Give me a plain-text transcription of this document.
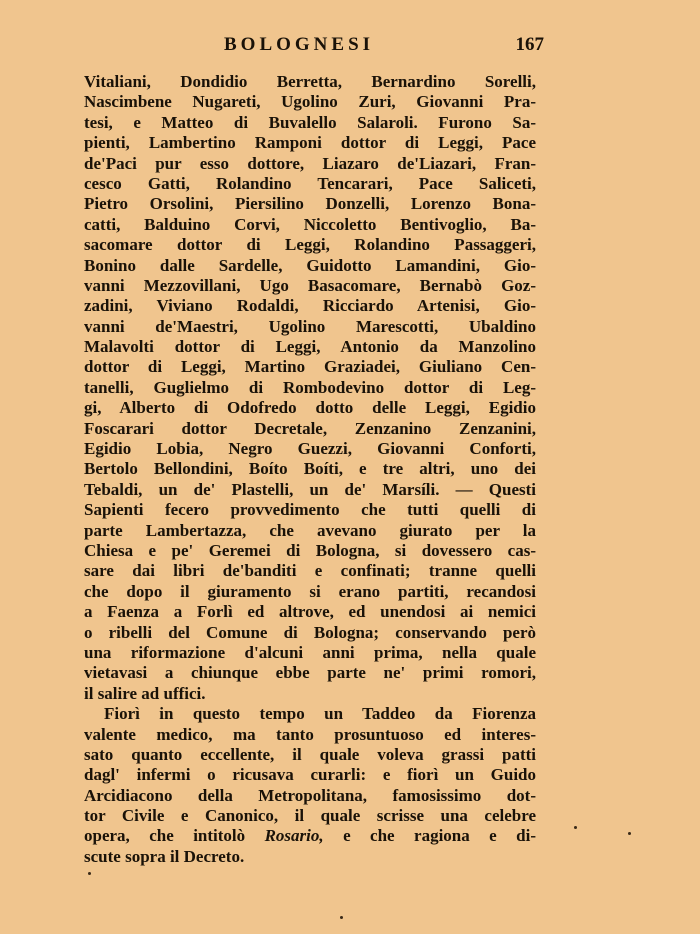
BOLOGNESI	167
Vitaliani, Dondidio Berretta, Bernardino Sorelli,
Nascimbene Nugareti, Ugolino Zuri, Giovanni Pra-
tesi, e Matteo di Buvalello Salaroli. Furono Sa-
pienti, Lambertino Ramponi dottor di Leggi, Pace
de'Paci pur esso dottore, Liazaro de'Liazari, Fran-
cesco Gatti, Rolandino Tencarari, Pace Saliceti,
Pietro Orsolini, Piersilino Donzelli, Lorenzo Bona-
catti, Balduino Corvi, Niccoletto Bentivoglio, Ba-
sacomare dottor di Leggi, Rolandino Passaggeri,
Bonino dalle Sardelle, Guidotto Lamandini, Gio-
vanni Mezzovillani, Ugo Basacomare, Bernabò Goz-
zadini, Viviano Rodaldi, Ricciardo Artenisi, Gio-
vanni de'Maestri, Ugolino Marescotti, Ubaldino
Malavolti dottor di Leggi, Antonio da Manzolino
dottor di Leggi, Martino Graziadei, Giuliano Cen-
tanelli, Guglielmo di Rombodevino dottor di Leg-
gi, Alberto di Odofredo dotto delle Leggi, Egidio
Foscarari dottor Decretale, Zenzanino Zenzanini,
Egidio Lobia, Negro Guezzi, Giovanni Conforti,
Bertolo Bellondini, Boíto Boíti, e tre altri, uno dei
Tebaldi, un de' Plastelli, un de' Marsíli. — Questi
Sapienti fecero provvedimento che tutti quelli di
parte Lambertazza, che avevano giurato per la
Chiesa e pe' Geremei di Bologna, si dovessero cas-
sare dai libri de'banditi e confinati; tranne quelli
che dopo il giuramento si erano partiti, recandosi
a Faenza a Forlì ed altrove, ed unendosi ai nemici
o ribelli del Comune di Bologna; conservando però
una riformazione d'alcuni anni prima, nella quale
vietavasi a chiunque ebbe parte ne' primi romori,
il salire ad uffici.
Fiorì in questo tempo un Taddeo da Fiorenza
valente medico, ma tanto prosuntuoso ed interes-
sato quanto eccellente, il quale voleva grassi patti
dagl' infermi o ricusava curarli: e fiorì un Guido
Arcidiacono della Metropolitana, famosissimo dot-
tor Civile e Canonico, il quale scrisse una celebre
opera, che intitolò Rosario, e che ragiona e di-
scute sopra il Decreto.
